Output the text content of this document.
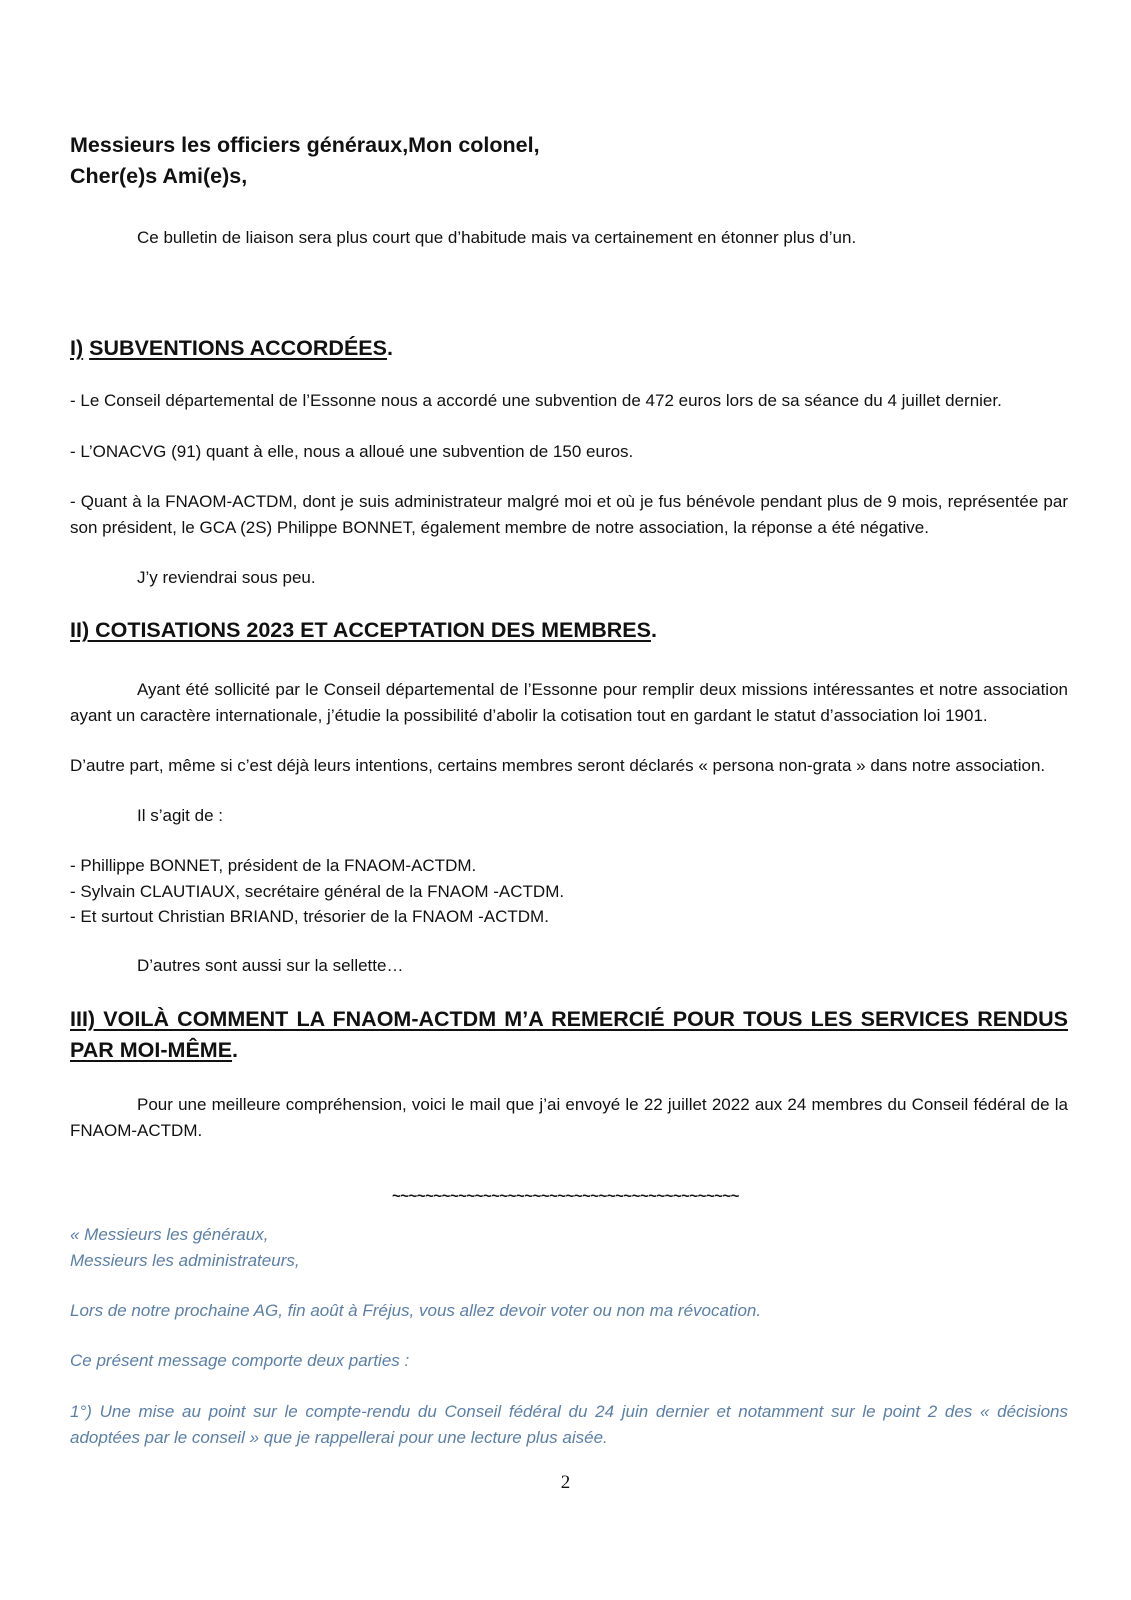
Messieurs les officiers généraux,Mon colonel,
Cher(e)s Ami(e)s,
Ce bulletin de liaison sera plus court que d’habitude mais va certainement en étonner plus d’un.
I) SUBVENTIONS ACCORDÉES.
- Le Conseil départemental de l’Essonne nous a accordé une subvention de 472 euros lors de sa séance du 4 juillet dernier.
- L’ONACVG (91) quant à elle, nous a alloué une subvention de 150 euros.
- Quant à la FNAOM-ACTDM, dont je suis administrateur malgré moi et où je fus bénévole pendant plus de 9 mois, représentée par son président, le GCA (2S) Philippe BONNET, également membre de notre association, la réponse a été négative.
J’y reviendrai sous peu.
II) COTISATIONS 2023 ET ACCEPTATION DES MEMBRES.
Ayant été sollicité par le Conseil départemental de l’Essonne pour remplir deux missions intéressantes et notre association ayant un caractère internationale, j’étudie la possibilité d’abolir la cotisation tout en gardant le statut d’association loi 1901.
D’autre part, même si c’est déjà leurs intentions, certains membres seront déclarés « persona non-grata » dans notre association.
Il s’agit de :

- Phillippe BONNET, président de la FNAOM-ACTDM.

- Sylvain CLAUTIAUX, secrétaire général de la FNAOM -ACTDM.

- Et surtout Christian BRIAND, trésorier de la FNAOM -ACTDM.

D’autres sont aussi sur la sellette…
III) VOILÀ COMMENT LA FNAOM-ACTDM M’A REMERCIÉ POUR TOUS LES SERVICES RENDUS PAR MOI-MÊME.
Pour une meilleure compréhension, voici le mail que j’ai envoyé le 22 juillet 2022 aux 24 membres du Conseil fédéral de la FNAOM-ACTDM.
~~~~~~~~~~~~~~~~~~~~~~~~~~~~~~~~~~~~~~~~~~

« Messieurs les généraux,

Messieurs les administrateurs,

Lors de notre prochaine AG, fin août à Fréjus, vous allez devoir voter ou non ma révocation.
Ce présent message comporte deux parties :
1°) Une mise au point sur le compte-rendu du Conseil fédéral du 24 juin dernier et notamment sur le point 2 des « décisions adoptées par le conseil » que je rappellerai pour une lecture plus aisée.
2
